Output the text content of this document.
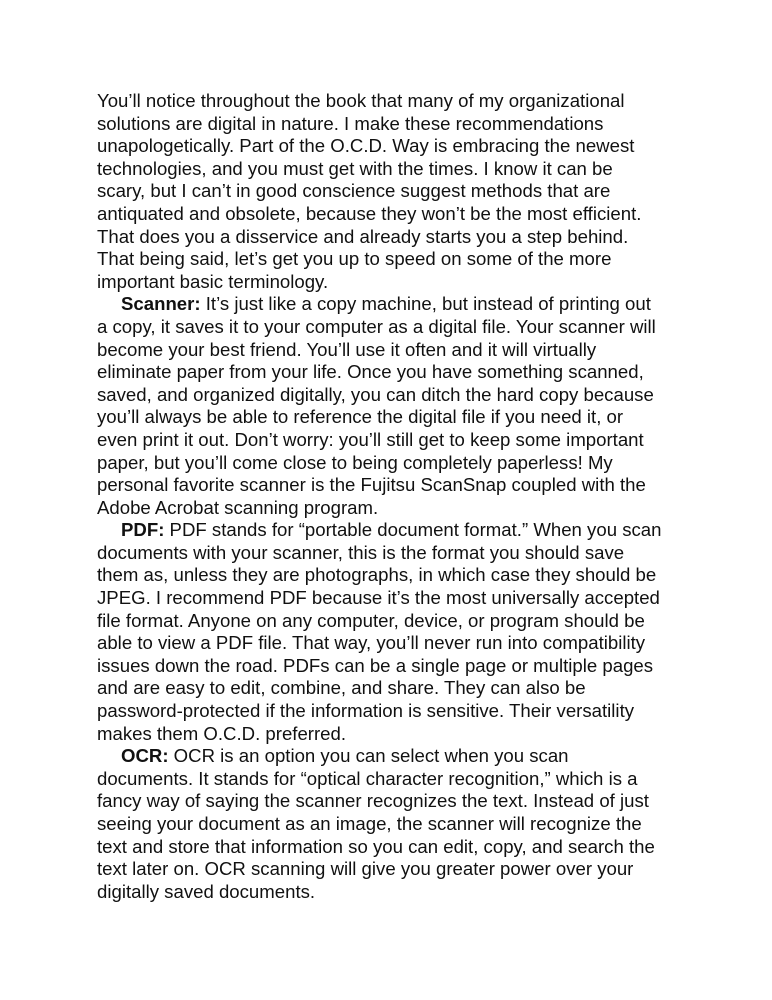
You’ll notice throughout the book that many of my organizational
solutions are digital in nature. I make these recommendations
unapologetically. Part of the O.C.D. Way is embracing the newest
technologies, and you must get with the times. I know it can be
scary, but I can’t in good conscience suggest methods that are
antiquated and obsolete, because they won’t be the most efficient.
That does you a disservice and already starts you a step behind.
That being said, let’s get you up to speed on some of the more
important basic terminology.

Scanner: It’s just like a copy machine, but instead of printing out
a copy, it saves it to your computer as a digital file. Your scanner will
become your best friend. You’ll use it often and it will virtually
eliminate paper from your life. Once you have something scanned,
saved, and organized digitally, you can ditch the hard copy because
you’ll always be able to reference the digital file if you need it, or
even print it out. Don’t worry: you’ll still get to keep some important
paper, but you’ll come close to being completely paperless! My
personal favorite scanner is the Fujitsu ScanSnap coupled with the
Adobe Acrobat scanning program.

PDF: PDF stands for “portable document format.” When you scan
documents with your scanner, this is the format you should save
them as, unless they are photographs, in which case they should be
JPEG. I recommend PDF because it’s the most universally accepted
file format. Anyone on any computer, device, or program should be
able to view a PDF file. That way, you’ll never run into compatibility
issues down the road. PDFs can be a single page or multiple pages
and are easy to edit, combine, and share. They can also be
password-protected if the information is sensitive. Their versatility
makes them O.C.D. preferred.

OCR: OCR is an option you can select when you scan
documents. It stands for “optical character recognition,” which is a
fancy way of saying the scanner recognizes the text. Instead of just
seeing your document as an image, the scanner will recognize the
text and store that information so you can edit, copy, and search the
text later on. OCR scanning will give you greater power over your
digitally saved documents.
